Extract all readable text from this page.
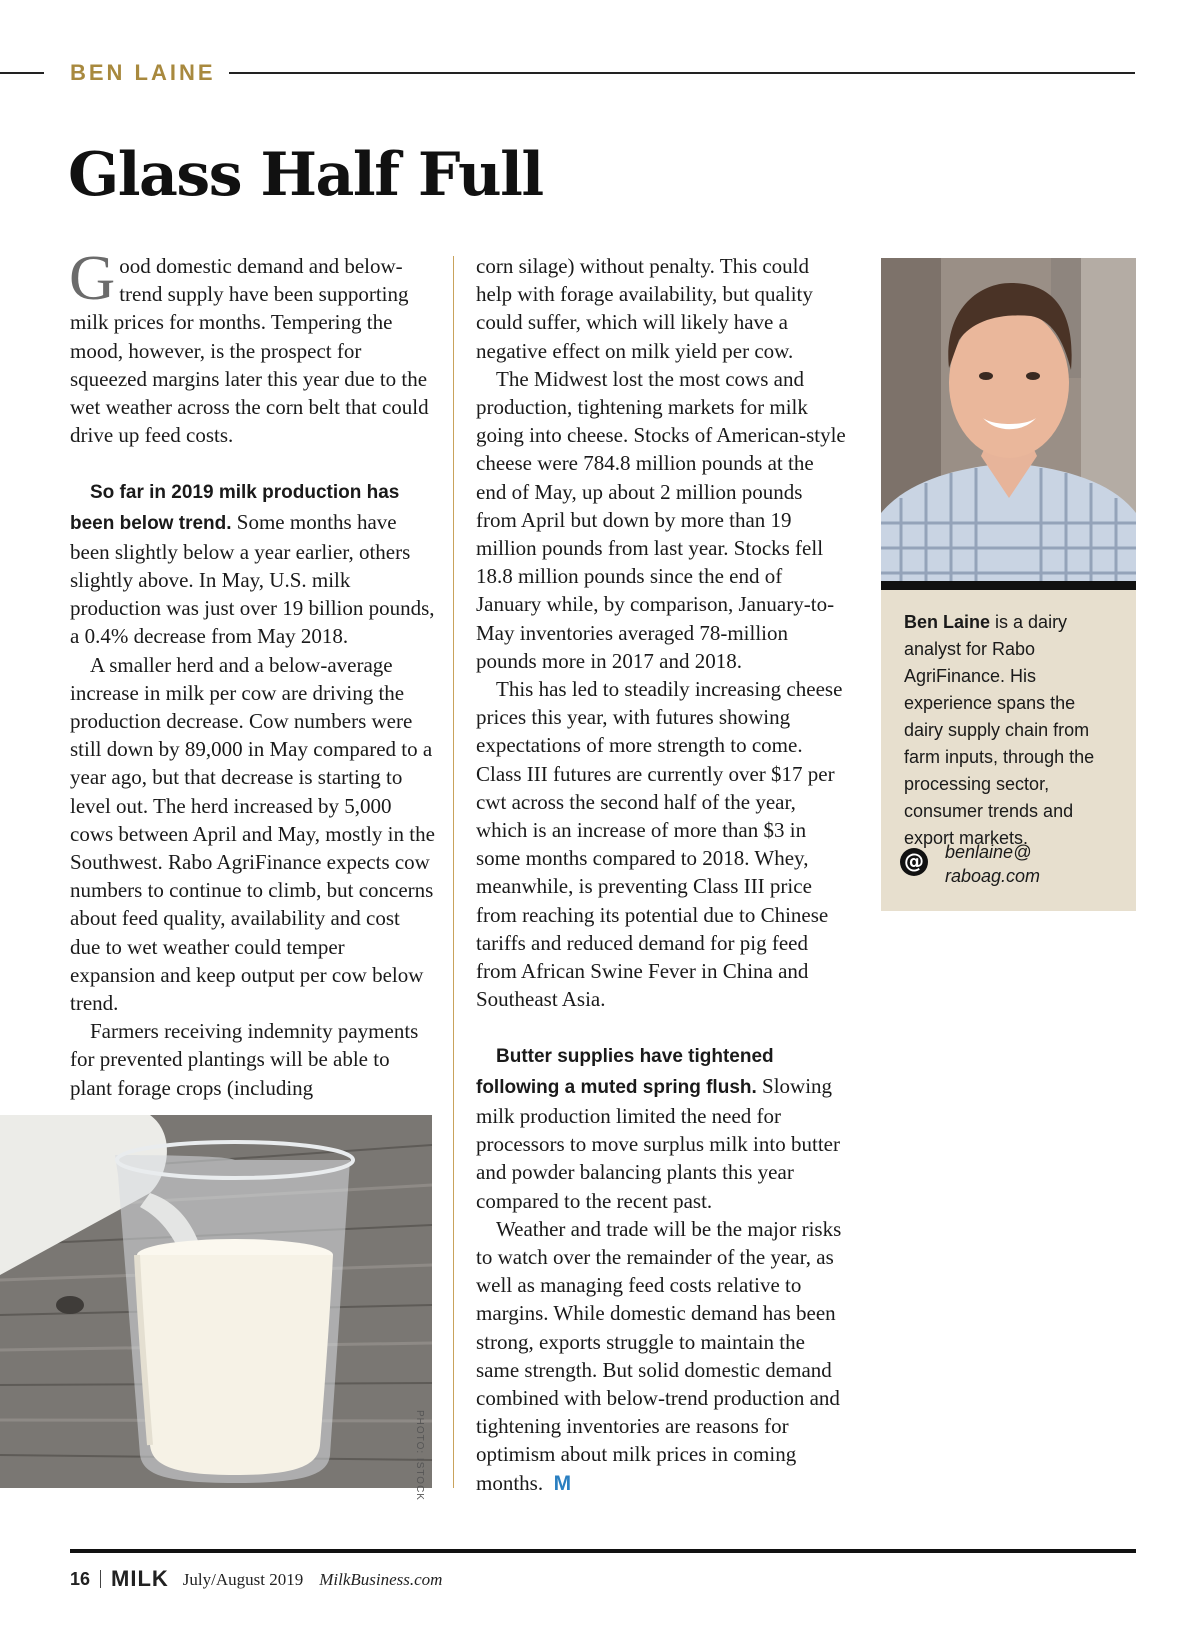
BEN LAINE
Glass Half Full

Good domestic demand and below-trend supply have been supporting milk prices for months. Tempering the mood, however, is the prospect for squeezed margins later this year due to the wet weather across the corn belt that could drive up feed costs.

So far in 2019 milk production has been below trend. Some months have been slightly below a year earlier, others slightly above. In May, U.S. milk production was just over 19 billion pounds, a 0.4% decrease from May 2018.

A smaller herd and a below-average increase in milk per cow are driving the production decrease. Cow numbers were still down by 89,000 in May compared to a year ago, but that decrease is starting to level out. The herd increased by 5,000 cows between April and May, mostly in the Southwest. Rabo AgriFinance expects cow numbers to continue to climb, but concerns about feed quality, availability and cost due to wet weather could temper expansion and keep output per cow below trend.

Farmers receiving indemnity payments for prevented plantings will be able to plant forage crops (including

PHOTO: ISTOCK

corn silage) without penalty. This could help with forage availability, but quality could suffer, which will likely have a negative effect on milk yield per cow.

The Midwest lost the most cows and production, tightening markets for milk going into cheese. Stocks of American-style cheese were 784.8 million pounds at the end of May, up about 2 million pounds from April but down by more than 19 million pounds from last year. Stocks fell 18.8 million pounds since the end of January while, by comparison, January-to-May inventories averaged 78-million pounds more in 2017 and 2018.

This has led to steadily increasing cheese prices this year, with futures showing expectations of more strength to come. Class III futures are currently over $17 per cwt across the second half of the year, which is an increase of more than $3 in some months compared to 2018. Whey, meanwhile, is preventing Class III price from reaching its potential due to Chinese tariffs and reduced demand for pig feed from African Swine Fever in China and Southeast Asia.

Butter supplies have tightened following a muted spring flush. Slowing milk production limited the need for processors to move surplus milk into butter and powder balancing plants this year compared to the recent past.

Weather and trade will be the major risks to watch over the remainder of the year, as well as managing feed costs relative to margins. While domestic demand has been strong, exports struggle to maintain the same strength. But solid domestic demand combined with below-trend production and tightening inventories are reasons for optimism about milk prices in coming months. M

Ben Laine is a dairy analyst for Rabo AgriFinance. His experience spans the dairy supply chain from farm inputs, through the processing sector, consumer trends and export markets.
@ benlaine@
raboag.com
16 MILK July/August 2019 MilkBusiness.com
